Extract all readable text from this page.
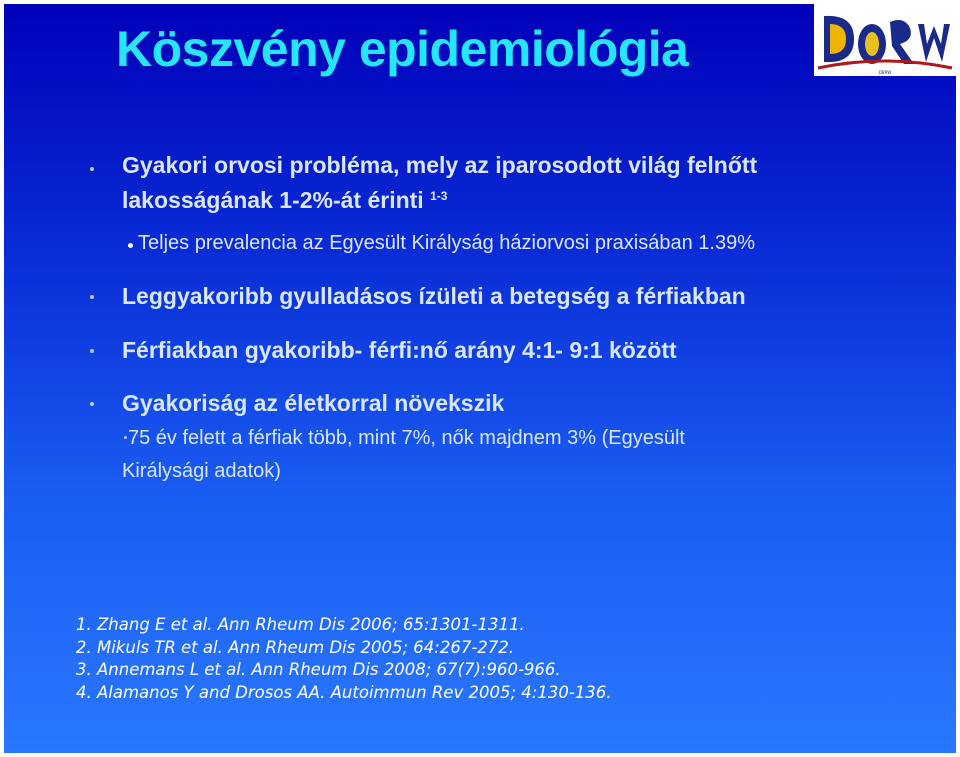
Köszvény epidemiológia	DBRW
Gyakori orvosi probléma, mely az iparosodott világ felnőtt
lakosságának 1-2%-át érinti $^{1-3}$
Teljes prevalencia az Egyesült Királyság háziorvosi praxisában 1.39%
Leggyakoribb gyulladásos ízületi a betegség a férfiakban
Férfiakban gyakoribb- férfi:nő arány 4:1- 9:1 között
Gyakoriság az életkorral növekszik
75 év felett a férfiak több, mint 7%, nők majdnem 3% (Egyesült
Királysági adatok)
1. Zhang E et al. Ann Rheum Dis 2006; 65:1301-1311.
2. Mikuls TR et al. Ann Rheum Dis 2005; 64:267-272.
3. Annemans L et al. Ann Rheum Dis 2008; 67(7):960-966.
4. Alamanos Y and Drosos AA. Autoimmun Rev 2005; 4:130-136.
